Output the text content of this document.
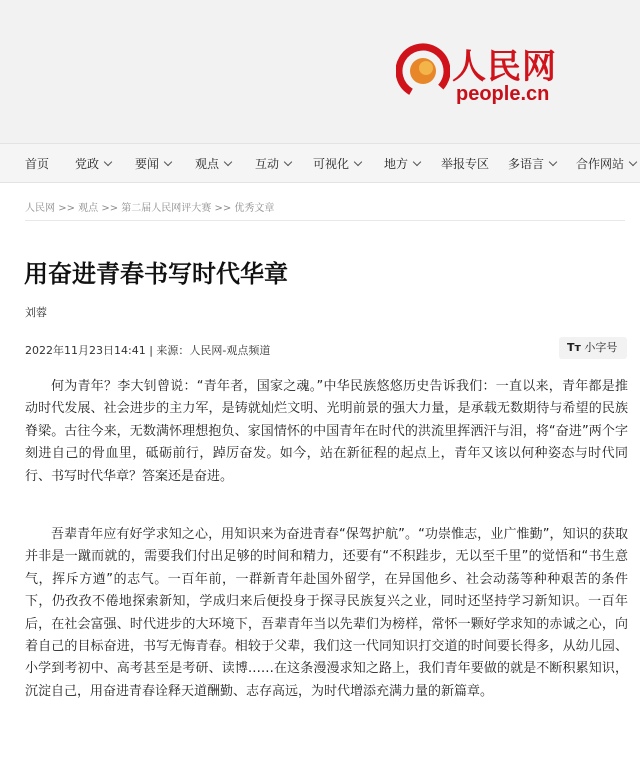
人民网
people.cn
首页 党政	要闻	观点	互动	可视化	地方	举报专区 多语言	合作网站
人民网 >> 观点 >> 第二届人民网评大赛 >> 优秀文章
用奋进青春书写时代华章
刘蓉
2022年11月23日14:41 | 来源：人民网-观点频道	Tт 小字号

何为青年？李大钊曾说：“青年者，国家之魂。”中华民族悠悠历史告诉我们：一直以来，青年都是推动时代发展、社会进步的主力军，是铸就灿烂文明、光明前景的强大力量，是承载无数期待与希望的民族脊梁。古往今来，无数满怀理想抱负、家国情怀的中国青年在时代的洪流里挥洒汗与泪，将“奋进”两个字刻进自己的骨血里，砥砺前行，踔厉奋发。如今，站在新征程的起点上，青年又该以何种姿态与时代同行、书写时代华章？答案还是奋进。

吾辈青年应有好学求知之心，用知识来为奋进青春“保驾护航”。“功崇惟志，业广惟勤”，知识的获取并非是一蹴而就的，需要我们付出足够的时间和精力，还要有“不积跬步，无以至千里”的觉悟和“书生意气，挥斥方遒”的志气。一百年前，一群新青年赴国外留学，在异国他乡、社会动荡等种种艰苦的条件下，仍孜孜不倦地探索新知，学成归来后便投身于探寻民族复兴之业，同时还坚持学习新知识。一百年后，在社会富强、时代进步的大环境下，吾辈青年当以先辈们为榜样，常怀一颗好学求知的赤诚之心，向着自己的目标奋进，书写无悔青春。相较于父辈，我们这一代同知识打交道的时间要长得多，从幼儿园、小学到考初中、高考甚至是考研、读博……在这条漫漫求知之路上，我们青年要做的就是不断积累知识，沉淀自己，用奋进青春诠释天道酬勤、志存高远，为时代增添充满力量的新篇章。
